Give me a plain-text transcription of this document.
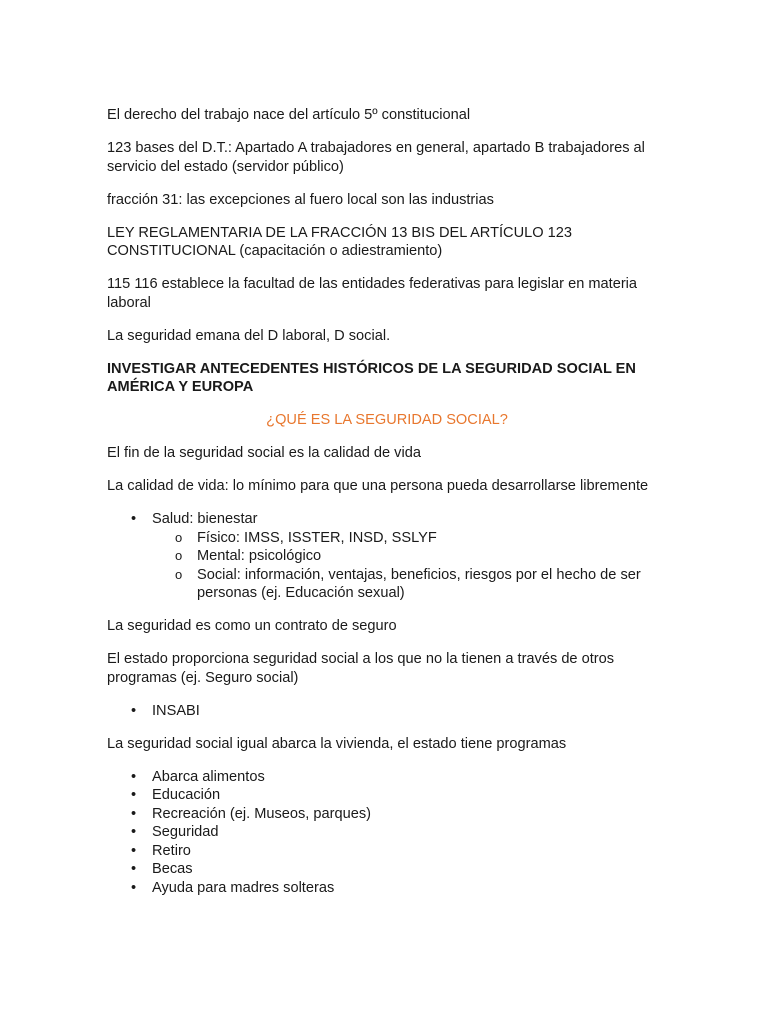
El derecho del trabajo nace del artículo 5º constitucional

123 bases del D.T.: Apartado A trabajadores en general, apartado B trabajadores al servicio del estado (servidor público)

fracción 31: las excepciones al fuero local son las industrias

LEY REGLAMENTARIA DE LA FRACCIÓN 13 BIS DEL ARTÍCULO 123 CONSTITUCIONAL (capacitación o adiestramiento)

115 116 establece la facultad de las entidades federativas para legislar en materia laboral

La seguridad emana del D laboral, D social.

INVESTIGAR ANTECEDENTES HISTÓRICOS DE LA SEGURIDAD SOCIAL EN AMÉRICA Y EUROPA

¿QUÉ ES LA SEGURIDAD SOCIAL?

El fin de la seguridad social es la calidad de vida

La calidad de vida: lo mínimo para que una persona pueda desarrollarse libremente

• Salud: bienestar
o Físico: IMSS, ISSTER, INSD, SSLYF
o Mental: psicológico
o Social: información, ventajas, beneficios, riesgos por el hecho de ser personas (ej. Educación sexual)

La seguridad es como un contrato de seguro

El estado proporciona seguridad social a los que no la tienen a través de otros programas (ej. Seguro social)

• INSABI

La seguridad social igual abarca la vivienda, el estado tiene programas

• Abarca alimentos
• Educación
• Recreación (ej. Museos, parques)
• Seguridad
• Retiro
• Becas
• Ayuda para madres solteras
